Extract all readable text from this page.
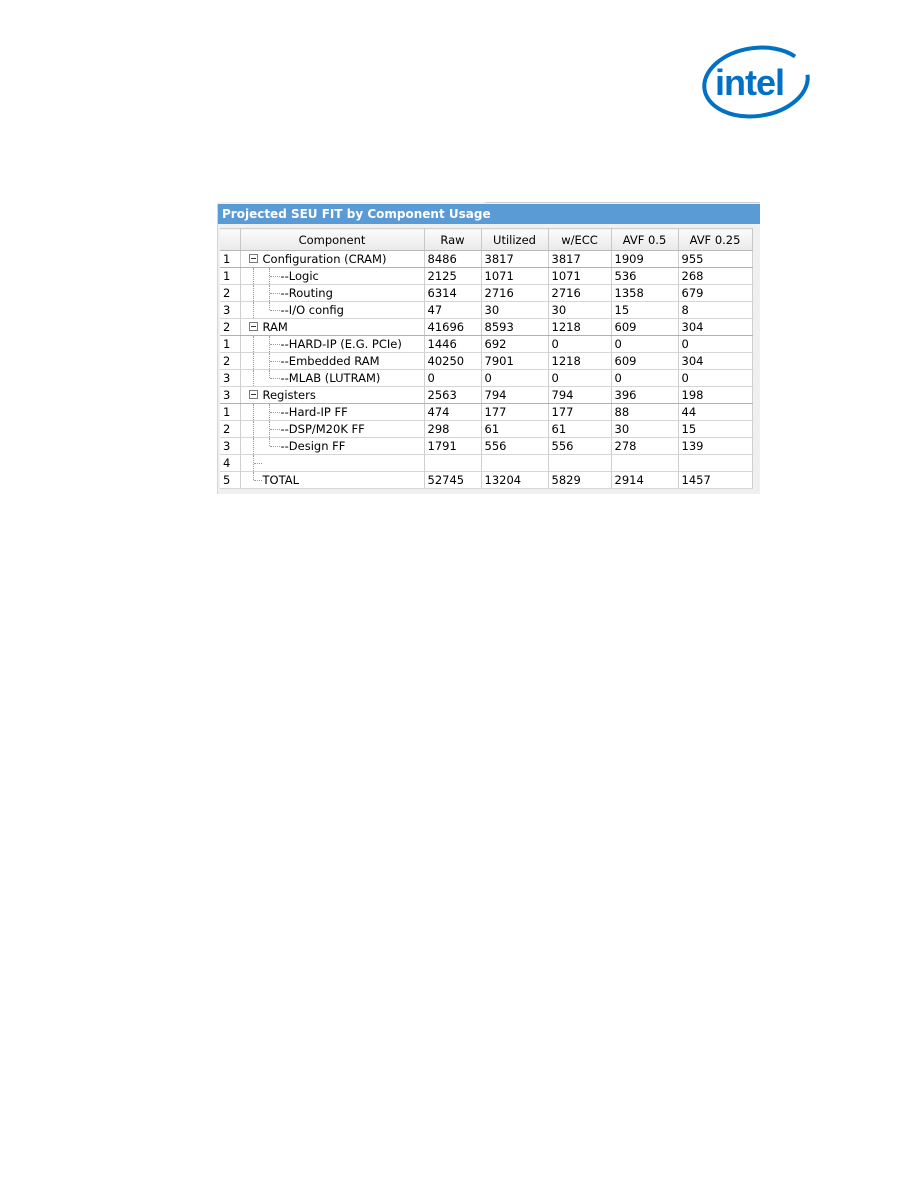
intel
Projected SEU FIT by Component Usage
	Component	Raw	Utilized	w/ECC	AVF 0.5	AVF 0.25
1	Configuration (CRAM)	8486	3817	3817	1909	955
1	--Logic	2125	1071	1071	536	268
2	--Routing	6314	2716	2716	1358	679
3	--I/O config	47	30	30	15	8
2	RAM	41696	8593	1218	609	304
1	--HARD-IP (E.G. PCIe)	1446	692	0	0	0
2	--Embedded RAM	40250	7901	1218	609	304
3	--MLAB (LUTRAM)	0	0	0	0	0
3	Registers	2563	794	794	396	198
1	--Hard-IP FF	474	177	177	88	44
2	--DSP/M20K FF	298	61	61	30	15
3	--Design FF	1791	556	556	278	139
4	

5	TOTAL	52745	13204	5829	2914	1457
